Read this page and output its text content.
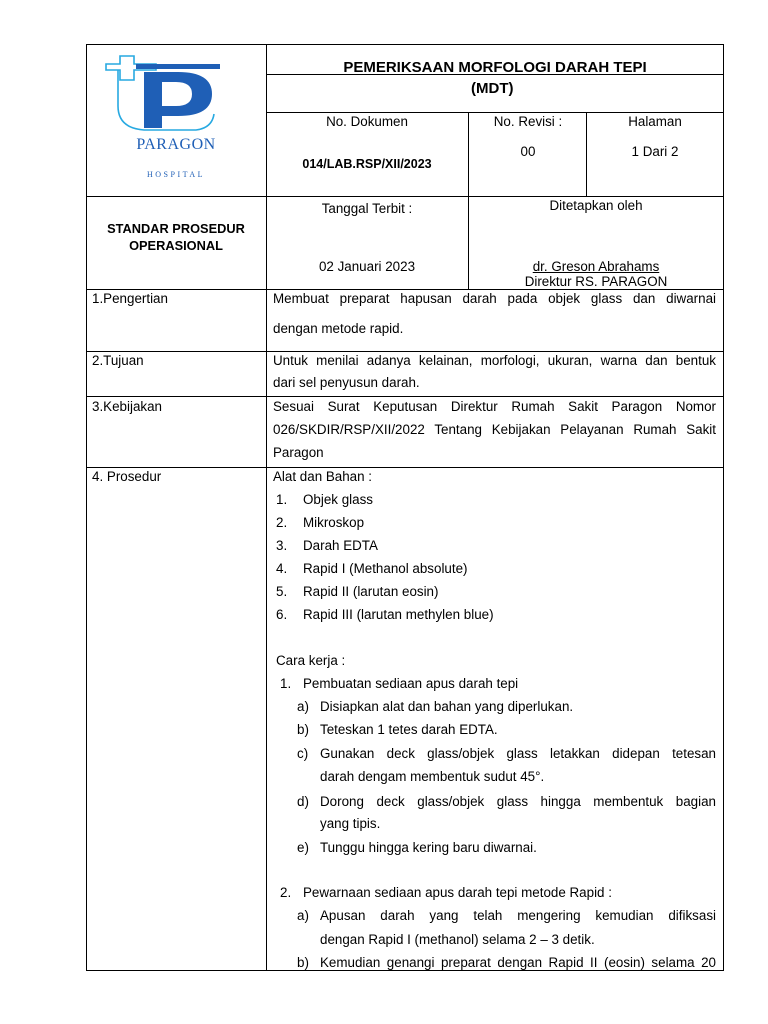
PARAGON
HOSPITAL
PEMERIKSAAN MORFOLOGI DARAH TEPI
(MDT)
No. Dokumen
014/LAB.RSP/XII/2023
No. Revisi :
00
Halaman
1 Dari 2
STANDAR PROSEDUR
OPERASIONAL
Tanggal Terbit :
02 Januari 2023
Ditetapkan oleh
dr. Greson Abrahams
Direktur RS. PARAGON
1.Pengertian	Membuat preparat hapusan darah pada objek glass dan diwarnai
dengan metode rapid.
2.Tujuan	Untuk menilai adanya kelainan, morfologi, ukuran, warna dan bentuk
dari sel penyusun darah.
3.Kebijakan	Sesuai Surat Keputusan Direktur Rumah Sakit Paragon Nomor
026/SKDIR/RSP/XII/2022 Tentang Kebijakan Pelayanan Rumah Sakit
Paragon
4. Prosedur	Alat dan Bahan :
1. Objek glass
2. Mikroskop
3. Darah EDTA
4. Rapid I (Methanol absolute)
5. Rapid II (larutan eosin)
6. Rapid III (larutan methylen blue)
Cara kerja :
1. Pembuatan sediaan apus darah tepi
a) Disiapkan alat dan bahan yang diperlukan.
b) Teteskan 1 tetes darah EDTA.
c) Gunakan deck glass/objek glass letakkan didepan tetesan
darah dengam membentuk sudut 45°.
d) Dorong deck glass/objek glass hingga membentuk bagian
yang tipis.
e) Tunggu hingga kering baru diwarnai.
2. Pewarnaan sediaan apus darah tepi metode Rapid :
a) Apusan darah yang telah mengering kemudian difiksasi
dengan Rapid I (methanol) selama 2 – 3 detik.
b) Kemudian genangi preparat dengan Rapid II (eosin) selama 20
